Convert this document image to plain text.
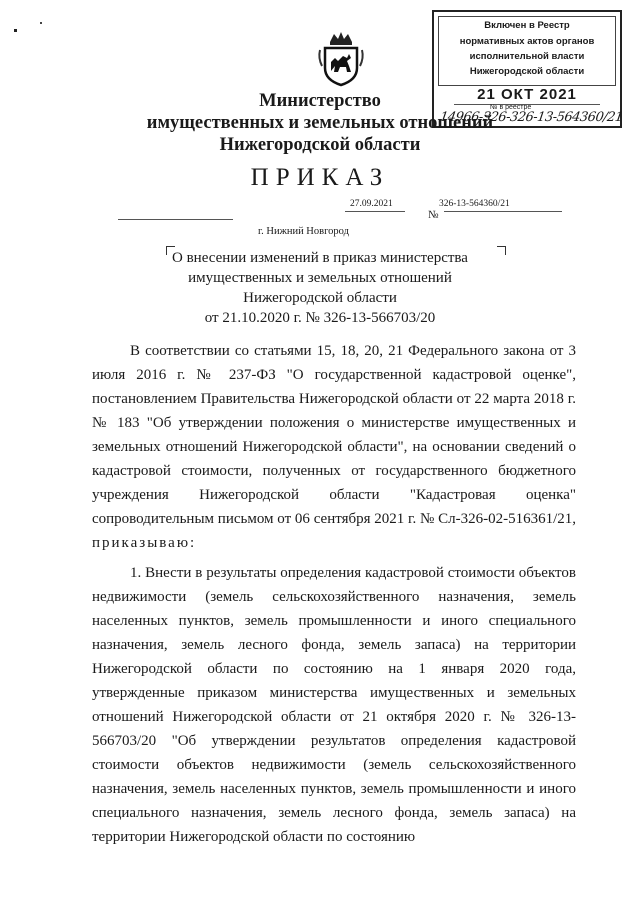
Включен в Реестр
нормативных актов органов
исполнительной власти
Нижегородской области
21 ОКТ 2021
№ в реестре
14966-326-326-13-564360/21
Министерство
имущественных и земельных отношений
Нижегородской области
ПРИКАЗ
27.09.2021	326-13-564360/21
№
г. Нижний Новгород
О внесении изменений в приказ министерства
имущественных и земельных отношений
Нижегородской области
от 21.10.2020 г. № 326-13-566703/20

В соответствии со статьями 15, 18, 20, 21 Федерального закона от 3 июля 2016 г. № 237-ФЗ "О государственной кадастровой оценке", постановлением Правительства Нижегородской области от 22 марта 2018 г. № 183 "Об утверждении положения о министерстве имущественных и земельных отношений Нижегородской области", на основании сведений о кадастровой стоимости, полученных от государственного бюджетного учреждения Нижегородской области "Кадастровая оценка" сопроводительным письмом от 06 сентября 2021 г. № Сл-326-02-516361/21, приказываю:

1. Внести в результаты определения кадастровой стоимости объектов недвижимости (земель сельскохозяйственного назначения, земель населенных пунктов, земель промышленности и иного специального назначения, земель лесного фонда, земель запаса) на территории Нижегородской области по состоянию на 1 января 2020 года, утвержденные приказом министерства имущественных и земельных отношений Нижегородской области от 21 октября 2020 г. № 326-13-566703/20 "Об утверждении результатов определения кадастровой стоимости объектов недвижимости (земель сельскохозяйственного назначения, земель населенных пунктов, земель промышленности и иного специального назначения, земель лесного фонда, земель запаса) на территории Нижегородской области по состоянию
